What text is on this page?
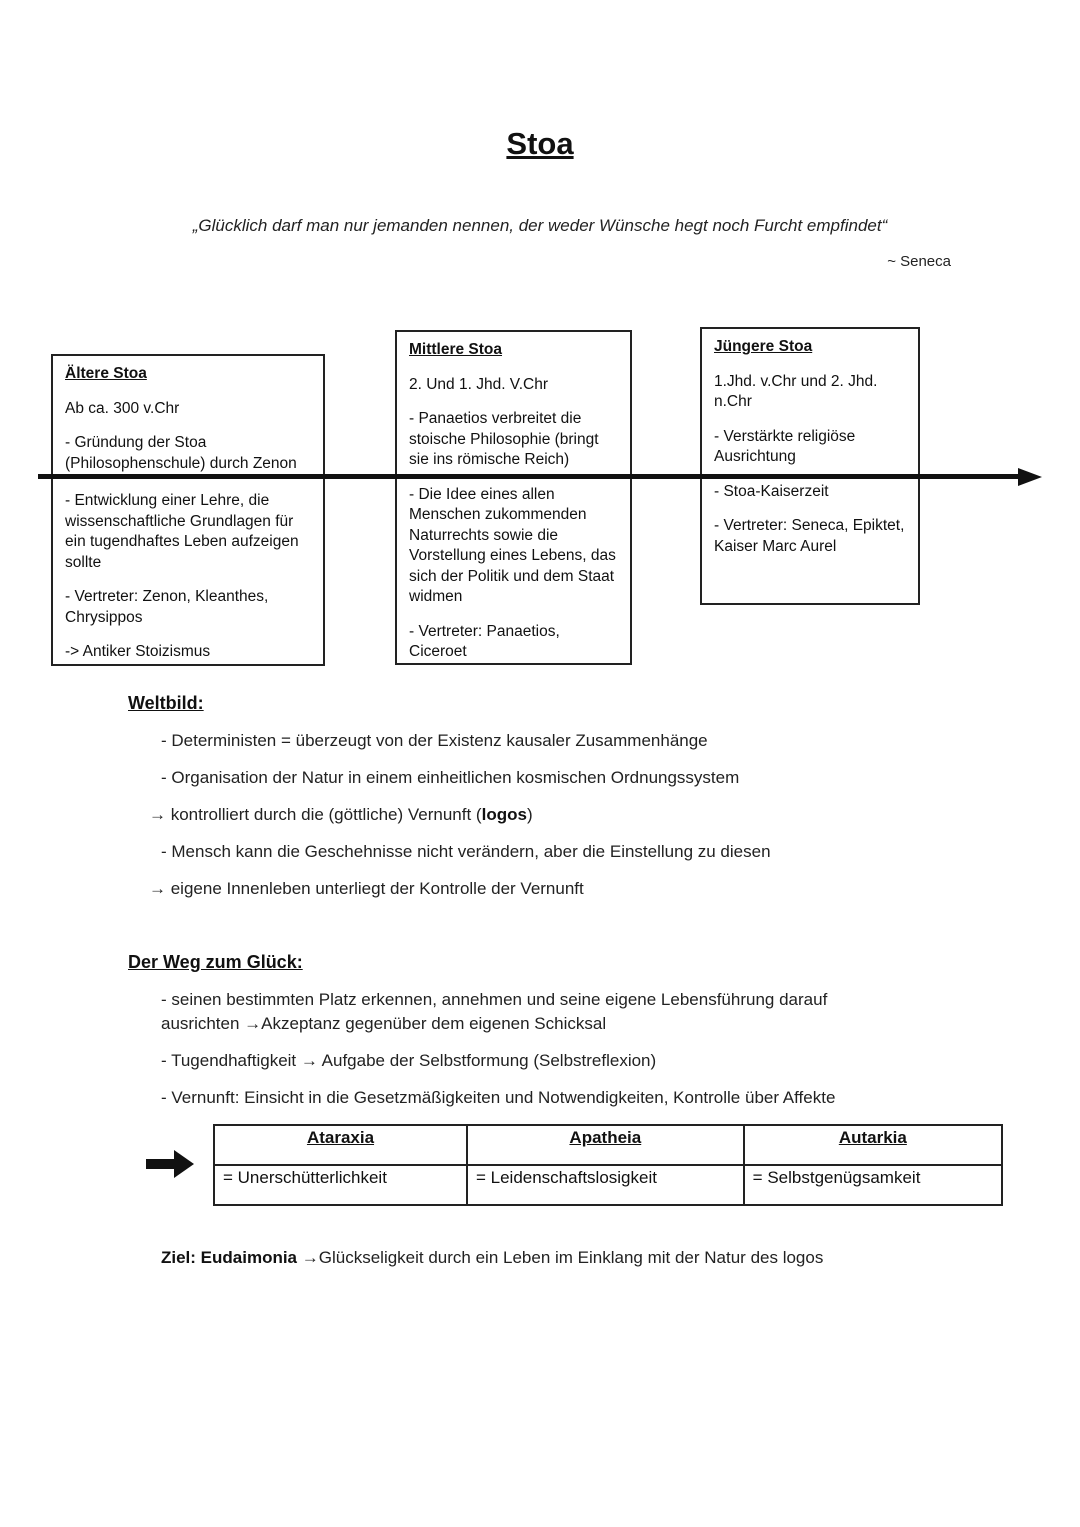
Stoa
„Glücklich darf man nur jemanden nennen, der weder Wünsche hegt noch Furcht empfindet“
~ Seneca
Ältere Stoa

Ab ca. 300 v.Chr

- Gründung der Stoa (Philosophenschule) durch Zenon

- Entwicklung einer Lehre, die wissenschaftliche Grundlagen für ein tugendhaftes Leben aufzeigen sollte

- Vertreter: Zenon, Kleanthes, Chrysippos

-> Antiker Stoizismus

Mittlere Stoa

2. Und 1. Jhd. V.Chr

- Panaetios verbreitet die stoische Philosophie (bringt sie ins römische Reich)

- Die Idee eines allen Menschen zukommenden Naturrechts sowie die Vorstellung eines Lebens, das sich der Politik und dem Staat widmen

- Vertreter: Panaetios, Ciceroet

Jüngere Stoa

1.Jhd. v.Chr und 2. Jhd. n.Chr

- Verstärkte religiöse Ausrichtung

- Stoa-Kaiserzeit

- Vertreter: Seneca, Epiktet, Kaiser Marc Aurel

Weltbild:
- Deterministen = überzeugt von der Existenz kausaler Zusammenhänge
- Organisation der Natur in einem einheitlichen kosmischen Ordnungssystem
→ kontrolliert durch die (göttliche) Vernunft (logos)
- Mensch kann die Geschehnisse nicht verändern, aber die Einstellung zu diesen
→ eigene Innenleben unterliegt der Kontrolle der Vernunft
Der Weg zum Glück:
- seinen bestimmten Platz erkennen, annehmen und seine eigene Lebensführung darauf
ausrichten →Akzeptanz gegenüber dem eigenen Schicksal
- Tugendhaftigkeit → Aufgabe der Selbstformung (Selbstreflexion)
- Vernunft: Einsicht in die Gesetzmäßigkeiten und Notwendigkeiten, Kontrolle über Affekte
Ataraxia	Apatheia	Autarkia
= Unerschütterlichkeit	= Leidenschaftslosigkeit	= Selbstgenügsamkeit
Ziel: Eudaimonia →Glückseligkeit durch ein Leben im Einklang mit der Natur des logos
